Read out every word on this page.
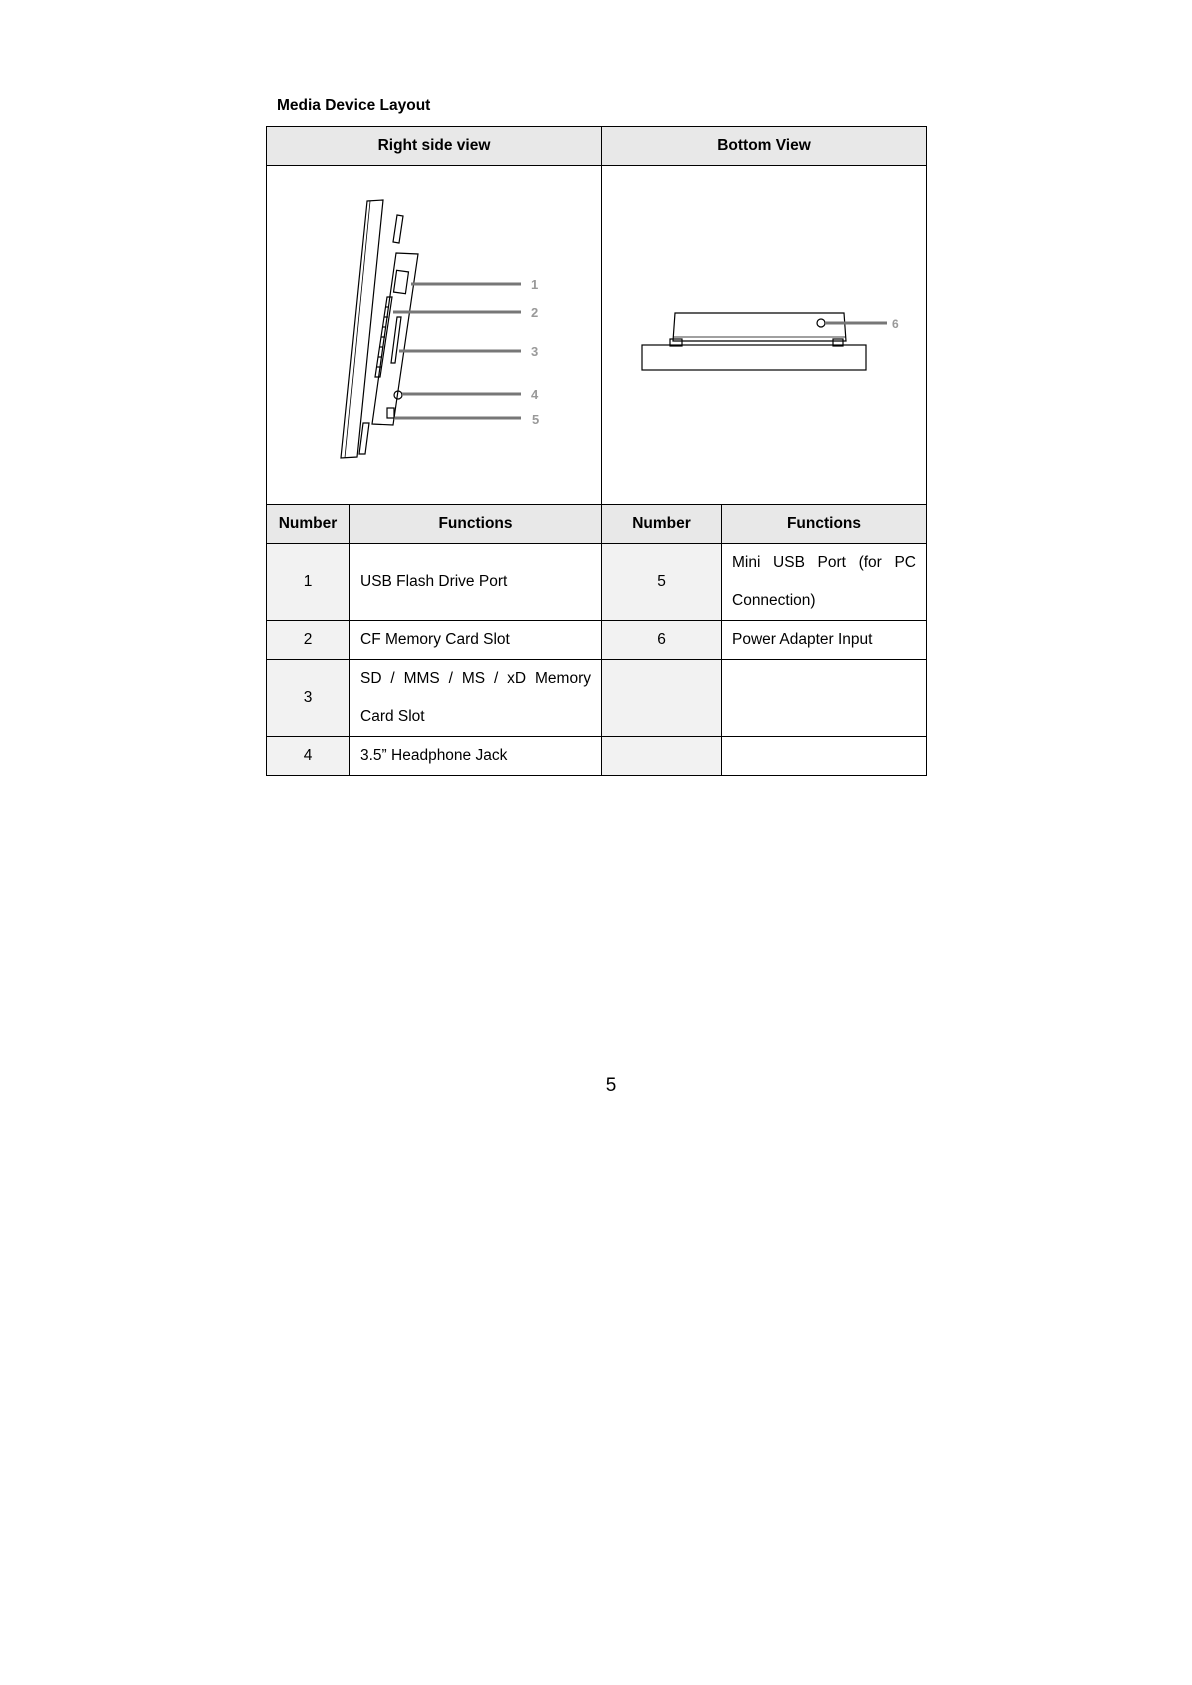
Media Device Layout
Right side view		Bottom View	

1
2
3
4
5		6	

Number	Functions	Number	Functions
1	USB Flash Drive Port	5	Mini USB Port (for PC Connection)
2	CF Memory Card Slot	6	Power Adapter Input
3	SD / MMS / MS / xD Memory Card Slot		
4	3.5” Headphone Jack		
5
